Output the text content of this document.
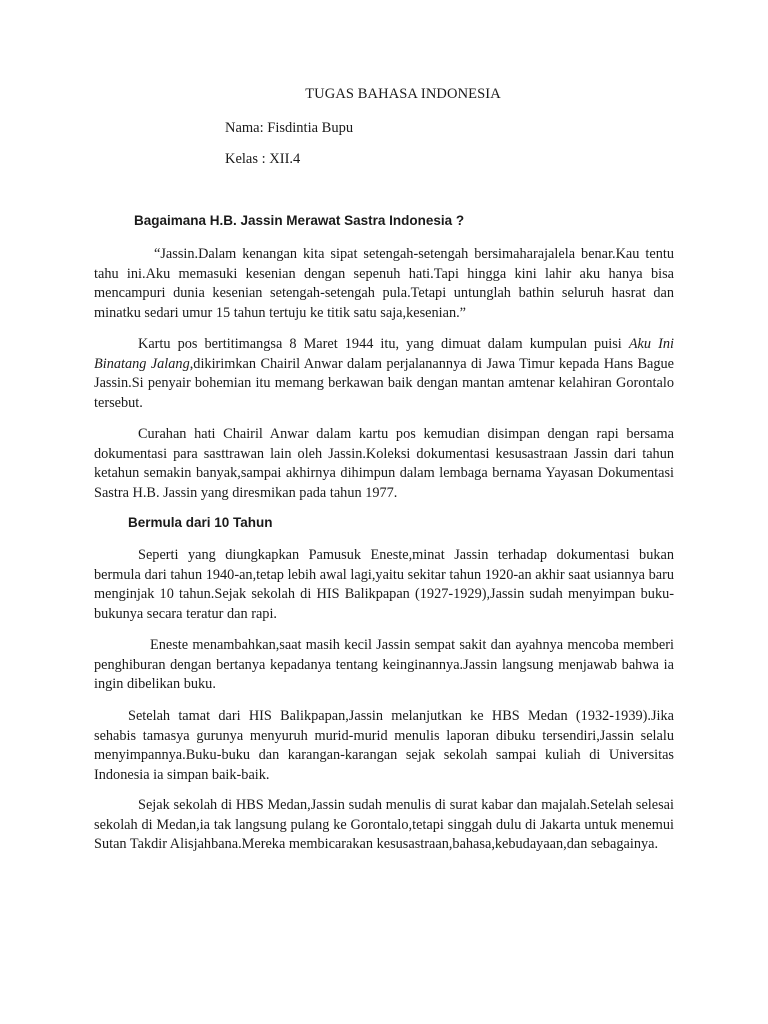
TUGAS BAHASA INDONESIA
Nama: Fisdintia Bupu
Kelas : XII.4
Bagaimana H.B. Jassin Merawat Sastra Indonesia ?
“Jassin.Dalam kenangan kita sipat setengah-setengah bersimaharajalela benar.Kau tentu tahu ini.Aku memasuki kesenian dengan sepenuh hati.Tapi hingga kini lahir aku hanya bisa mencampuri dunia kesenian setengah-setengah pula.Tetapi untunglah bathin seluruh hasrat dan minatku sedari umur 15 tahun tertuju ke titik satu saja,kesenian.”
Kartu pos bertitimangsa 8 Maret 1944 itu, yang dimuat dalam kumpulan puisi Aku Ini Binatang Jalang,dikirimkan Chairil Anwar dalam perjalanannya di Jawa Timur kepada Hans Bague Jassin.Si penyair bohemian itu memang berkawan baik dengan mantan amtenar kelahiran Gorontalo tersebut.
Curahan hati Chairil Anwar dalam kartu pos kemudian disimpan dengan rapi bersama dokumentasi para sasttrawan lain oleh Jassin.Koleksi dokumentasi kesusastraan Jassin dari tahun ketahun semakin banyak,sampai akhirnya dihimpun dalam lembaga bernama Yayasan Dokumentasi Sastra H.B. Jassin yang diresmikan pada tahun 1977.
Bermula dari 10 Tahun
Seperti yang diungkapkan Pamusuk Eneste,minat Jassin terhadap dokumentasi bukan bermula dari tahun 1940-an,tetap lebih awal lagi,yaitu sekitar tahun 1920-an akhir saat usiannya baru menginjak 10 tahun.Sejak sekolah di HIS Balikpapan (1927-1929),Jassin sudah menyimpan buku-bukunya secara teratur dan rapi.
Eneste menambahkan,saat masih kecil Jassin sempat sakit dan ayahnya mencoba memberi penghiburan dengan bertanya kepadanya tentang keinginannya.Jassin langsung menjawab bahwa ia ingin dibelikan buku.
Setelah tamat dari HIS Balikpapan,Jassin melanjutkan ke HBS Medan (1932-1939).Jika sehabis tamasya gurunya menyuruh murid-murid menulis laporan dibuku tersendiri,Jassin selalu menyimpannya.Buku-buku dan karangan-karangan sejak sekolah sampai kuliah di Universitas Indonesia ia simpan baik-baik.
Sejak sekolah di HBS Medan,Jassin sudah menulis di surat kabar dan majalah.Setelah selesai sekolah di Medan,ia tak langsung pulang ke Gorontalo,tetapi singgah dulu di Jakarta untuk menemui Sutan Takdir Alisjahbana.Mereka membicarakan kesusastraan,bahasa,kebudayaan,dan sebagainya.
